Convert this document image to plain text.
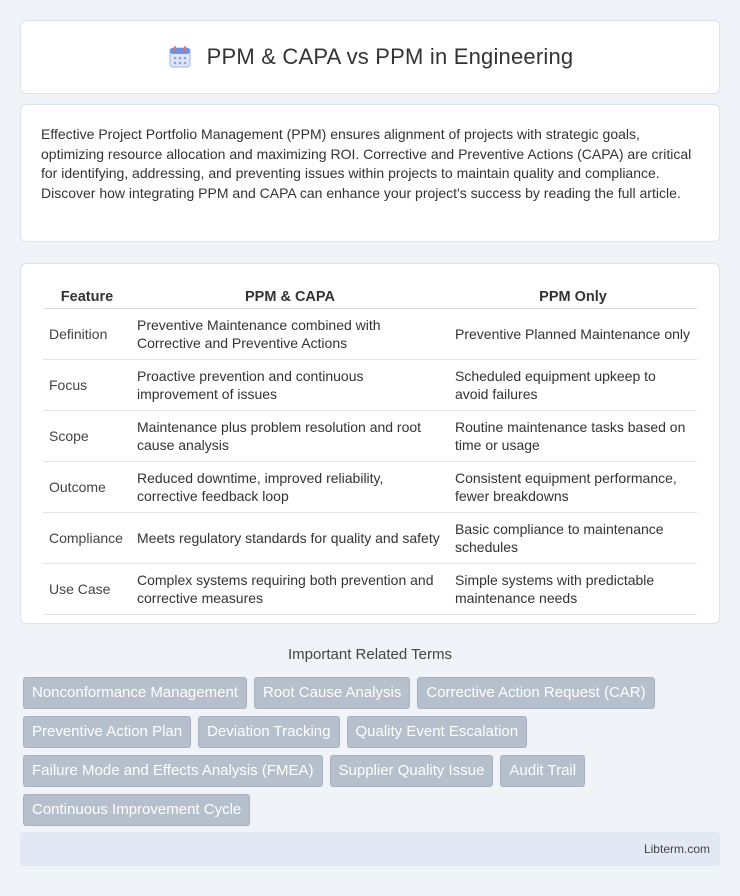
PPM & CAPA vs PPM in Engineering

Effective Project Portfolio Management (PPM) ensures alignment of projects with strategic goals, optimizing resource allocation and maximizing ROI. Corrective and Preventive Actions (CAPA) are critical for identifying, addressing, and preventing issues within projects to maintain quality and compliance. Discover how integrating PPM and CAPA can enhance your project's success by reading the full article.

Feature	PPM & CAPA	PPM Only
Definition	Preventive Maintenance combined with Corrective and Preventive Actions	Preventive Planned Maintenance only
Focus	Proactive prevention and continuous improvement of issues	Scheduled equipment upkeep to avoid failures
Scope	Maintenance plus problem resolution and root cause analysis	Routine maintenance tasks based on time or usage
Outcome	Reduced downtime, improved reliability, corrective feedback loop	Consistent equipment performance, fewer breakdowns
Compliance	Meets regulatory standards for quality and safety	Basic compliance to maintenance schedules
Use Case	Complex systems requiring both prevention and corrective measures	Simple systems with predictable maintenance needs
Important Related Terms
Nonconformance Management	Root Cause Analysis	Corrective Action Request (CAR)
Preventive Action Plan	Deviation Tracking	Quality Event Escalation
Failure Mode and Effects Analysis (FMEA)	Supplier Quality Issue	Audit Trail
Continuous Improvement Cycle
Libterm.com
